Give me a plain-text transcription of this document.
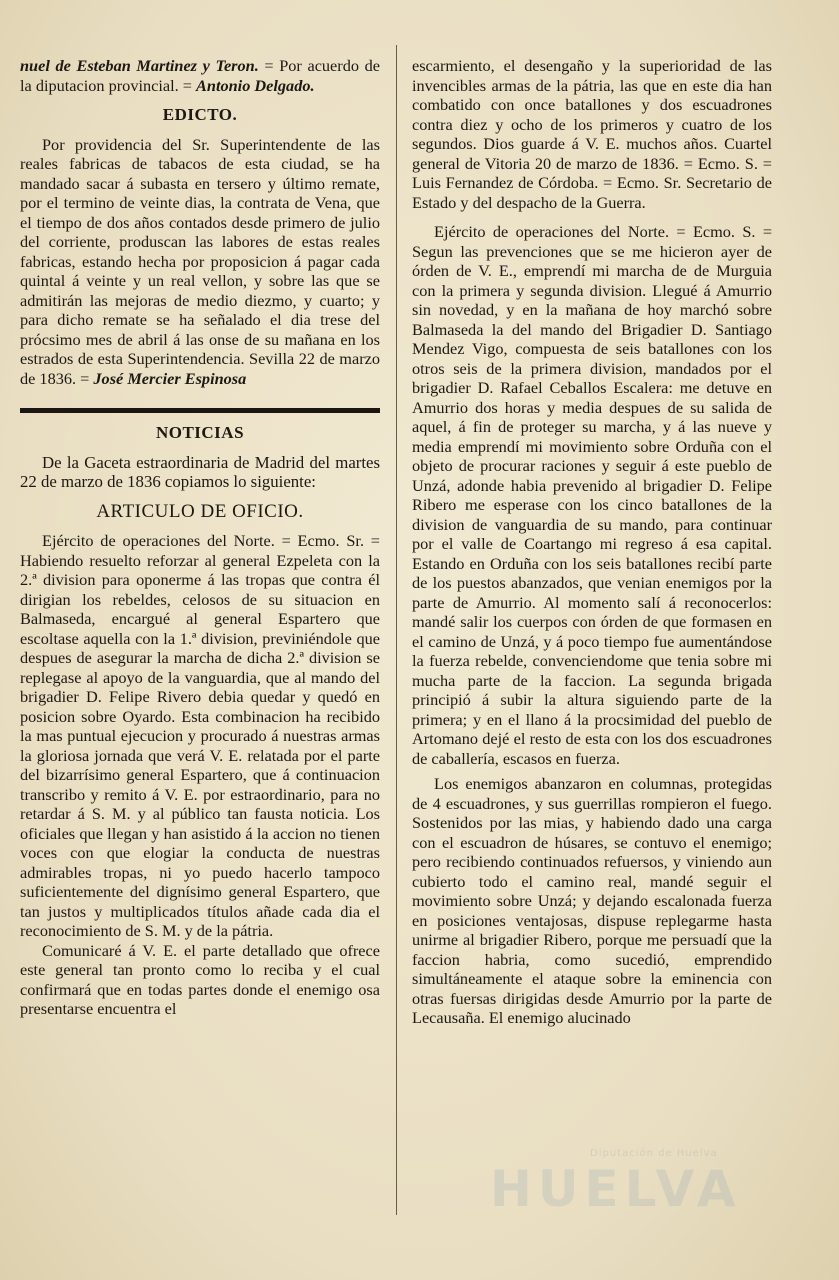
nuel de Esteban Martinez y Teron. = Por acuerdo de la diputacion provincial. = Antonio Delgado.

EDICTO.

Por providencia del Sr. Superintendente de las reales fabricas de tabacos de esta ciudad, se ha mandado sacar á subasta en tersero y último remate, por el termino de veinte dias, la contrata de Vena, que el tiempo de dos años contados desde primero de julio del corriente, produscan las labores de estas reales fabricas, estando hecha por proposicion á pagar cada quintal á veinte y un real vellon, y sobre las que se admitirán las mejoras de medio diezmo, y cuarto; y para dicho remate se ha señalado el dia trese del prócsimo mes de abril á las onse de su mañana en los estrados de esta Superintendencia. Sevilla 22 de marzo de 1836. = José Mercier Espinosa

NOTICIAS

De la Gaceta estraordinaria de Madrid del martes 22 de marzo de 1836 copiamos lo siguiente:

ARTICULO DE OFICIO.

Ejército de operaciones del Norte. = Ecmo. Sr. = Habiendo resuelto reforzar al general Ezpeleta con la 2.ª division para oponerme á las tropas que contra él dirigian los rebeldes, celosos de su situacion en Balmaseda, encargué al general Espartero que escoltase aquella con la 1.ª division, previniéndole que despues de asegurar la marcha de dicha 2.ª division se replegase al apoyo de la vanguardia, que al mando del brigadier D. Felipe Rivero debia quedar y quedó en posicion sobre Oyardo. Esta combinacion ha recibido la mas puntual ejecucion y procurado á nuestras armas la gloriosa jornada que verá V. E. relatada por el parte del bizarrísimo general Espartero, que á continuacion transcribo y remito á V. E. por estraordinario, para no retardar á S. M. y al público tan fausta noticia. Los oficiales que llegan y han asistido á la accion no tienen voces con que elogiar la conducta de nuestras admirables tropas, ni yo puedo hacerlo tampoco suficientemente del dignísimo general Espartero, que tan justos y multiplicados títulos añade cada dia el reconocimiento de S. M. y de la pátria.

Comunicaré á V. E. el parte detallado que ofrece este general tan pronto como lo reciba y el cual confirmará que en todas partes donde el enemigo osa presentarse encuentra el

escarmiento, el desengaño y la superioridad de las invencibles armas de la pátria, las que en este dia han combatido con once batallones y dos escuadrones contra diez y ocho de los primeros y cuatro de los segundos. Dios guarde á V. E. muchos años. Cuartel general de Vitoria 20 de marzo de 1836. = Ecmo. S. = Luis Fernandez de Córdoba. = Ecmo. Sr. Secretario de Estado y del despacho de la Guerra.

Ejército de operaciones del Norte. = Ecmo. S. = Segun las prevenciones que se me hicieron ayer de órden de V. E., emprendí mi marcha de de Murguia con la primera y segunda division. Llegué á Amurrio sin novedad, y en la mañana de hoy marchó sobre Balmaseda la del mando del Brigadier D. Santiago Mendez Vigo, compuesta de seis batallones con los otros seis de la primera division, mandados por el brigadier D. Rafael Ceballos Escalera: me detuve en Amurrio dos horas y media despues de su salida de aquel, á fin de proteger su marcha, y á las nueve y media emprendí mi movimiento sobre Orduña con el objeto de procurar raciones y seguir á este pueblo de Unzá, adonde habia prevenido al brigadier D. Felipe Ribero me esperase con los cinco batallones de la division de vanguardia de su mando, para continuar por el valle de Coartango mi regreso á esa capital. Estando en Orduña con los seis batallones recibí parte de los puestos abanzados, que venian enemigos por la parte de Amurrio. Al momento salí á reconocerlos: mandé salir los cuerpos con órden de que formasen en el camino de Unzá, y á poco tiempo fue aumentándose la fuerza rebelde, convenciendome que tenia sobre mi mucha parte de la faccion. La segunda brigada principió á subir la altura siguiendo parte de la primera; y en el llano á la procsimidad del pueblo de Artomano dejé el resto de esta con los dos escuadrones de caballería, escasos en fuerza.

Los enemigos abanzaron en columnas, protegidas de 4 escuadrones, y sus guerrillas rompieron el fuego. Sostenidos por las mias, y habiendo dado una carga con el escuadron de húsares, se contuvo el enemigo; pero recibiendo continuados refuersos, y viniendo aun cubierto todo el camino real, mandé seguir el movimiento sobre Unzá; y dejando escalonada fuerza en posiciones ventajosas, dispuse replegarme hasta unirme al brigadier Ribero, porque me persuadí que la faccion habria, como sucedió, emprendido simultáneamente el ataque sobre la eminencia con otras fuersas dirigidas desde Amurrio por la parte de Lecausaña. El enemigo alucinado

Diputación de Huelva
HUELVA
